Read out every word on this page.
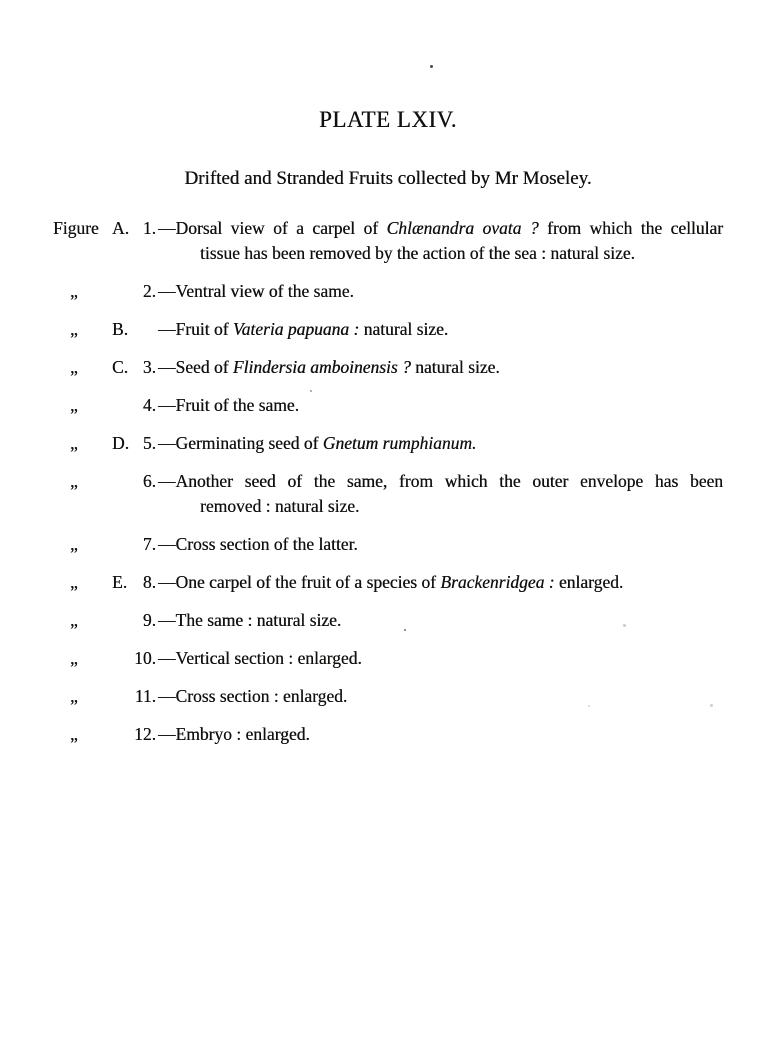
PLATE LXIV.

Drifted and Stranded Fruits collected by Mr Moseley.

Figure A. 1. —Dorsal view of a carpel of Chlænandra ovata ? from which the cellular
tissue has been removed by the action of the sea : natural size.
„	2. —Ventral view of the same.
„	B.	—Fruit of Vateria papuana : natural size.
„	C. 3. —Seed of Flindersia amboinensis ? natural size.
„	4. —Fruit of the same.
„	D. 5. —Germinating seed of Gnetum rumphianum.
„	6. —Another seed of the same, from which the outer envelope has been
removed : natural size.
„	7. —Cross section of the latter.
„	E. 8. —One carpel of the fruit of a species of Brackenridgea : enlarged.
„	9. —The same : natural size.
„	10. —Vertical section : enlarged.
„	11. —Cross section : enlarged.
„	12. —Embryo : enlarged.
